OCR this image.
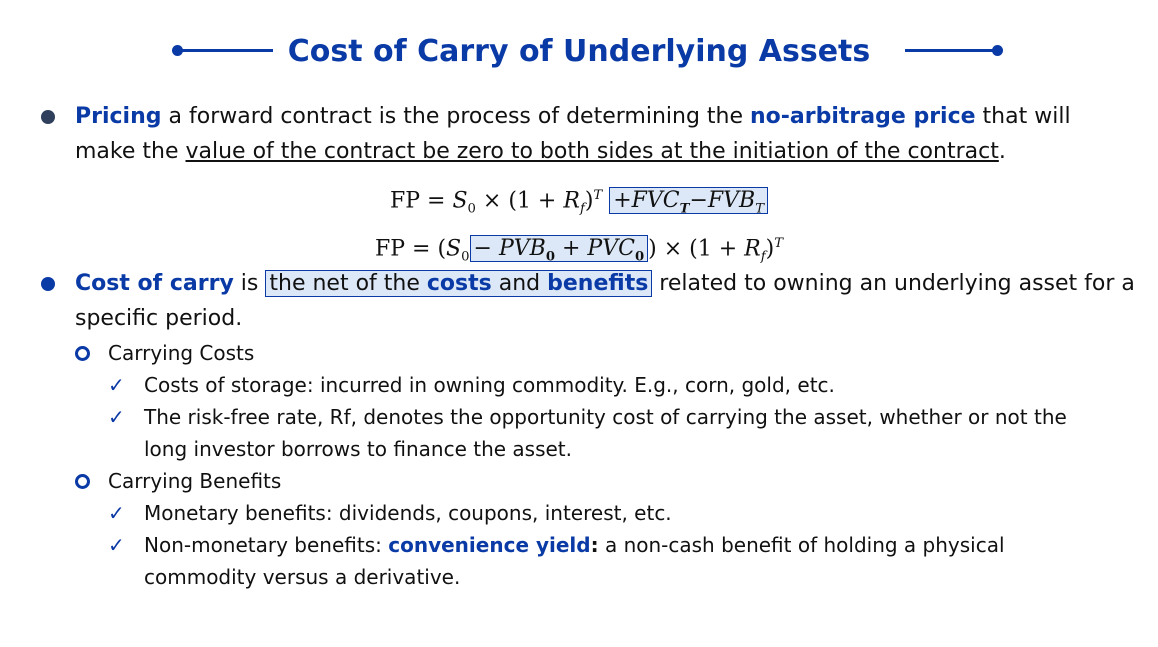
Cost of Carry of Underlying Assets
Pricing a forward contract is the process of determining the no-arbitrage price that will make the value of the contract be zero to both sides at the initiation of the contract.
FP = $S_0 \times (1 + R_f)^T +FVC_T-FVB_T$
FP = ($S_0 - PVB_0 + PVC_0$ ) × $(1 + R_f)^T$
Cost of carry is the net of the costs and benefits related to owning an underlying asset for a specific period.
Carrying Costs
✓ Costs of storage: incurred in owning commodity. E.g., corn, gold, etc.
✓ The risk-free rate, Rf, denotes the opportunity cost of carrying the asset, whether or not the long investor borrows to finance the asset.
Carrying Benefits
✓ Monetary benefits: dividends, coupons, interest, etc.
✓ Non-monetary benefits: convenience yield: a non-cash benefit of holding a physical commodity versus a derivative.
